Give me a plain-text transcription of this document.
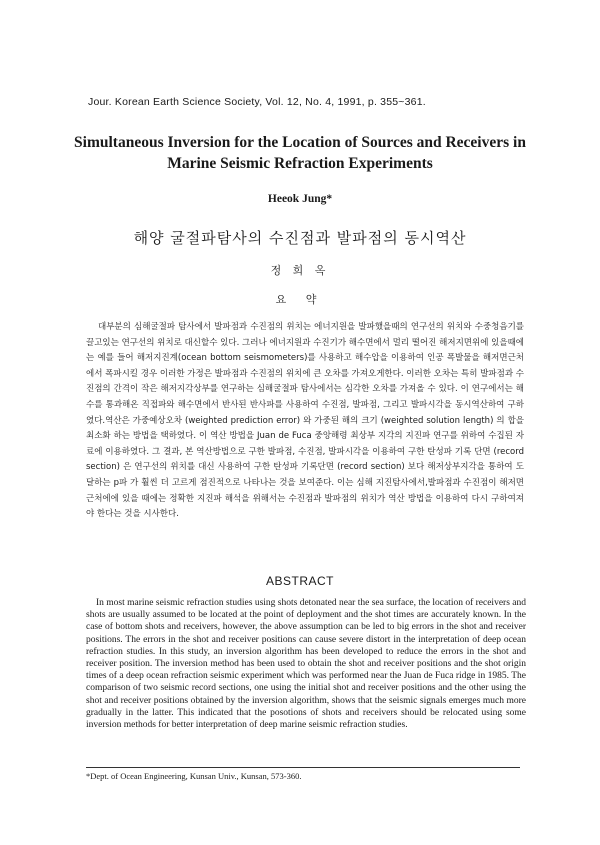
Jour. Korean Earth Science Society, Vol. 12, No. 4, 1991, p. 355~361.
Simultaneous Inversion for the Location of Sources and Receivers in Marine Seismic Refraction Experiments
Heeok Jung*
해양 굴절파탐사의 수진점과 발파점의 동시역산
정 희 옥
요 약

대부분의 심해굴절파 탐사에서 발파점과 수진점의 위치는 에너지원을 발파했을때의 연구선의 위치와 수중청음기를 끌고있는 연구선의 위치로 대신할수 있다. 그러나 에너지원과 수진기가 해수면에서 멀리 떨어진 해저지면위에 있을때에는 예를 들어 해저지진계(ocean bottom seismometers)를 사용하고 해수압을 이용하여 인공 폭발물을 해저면근처에서 폭파시킬 경우 이러한 가정은 발파점과 수진점의 위치에 큰 오차를 가져오게한다. 이러한 오차는 특히 발파점과 수진점의 간격이 작은 해저지각상부를 연구하는 심해굴절파 탐사에서는 심각한 오차를 가져올 수 있다. 이 연구에서는 해수를 통과해온 직접파와 해수면에서 반사된 반사파를 사용하여 수진점, 발파점, 그리고 발파시각을 동시역산하여 구하였다.역산은 가중예상오차 (weighted prediction error) 와 가중된 해의 크기 (weighted solution length) 의 합을 최소화 하는 방법을 택하였다. 이 역산 방법을 Juan de Fuca 중앙해령 최상부 지각의 지진파 연구를 위하여 수집된 자료에 이용하였다. 그 결과, 본 역산방법으로 구한 발파점, 수진점, 발파시각을 이용하여 구한 탄성파 기록 단면 (record section) 은 연구선의 위치를 대신 사용하여 구한 탄성파 기록단면 (record section) 보다 해저상부지각을 통하여 도달하는 p파 가 훨씬 더 고르게 점진적으로 나타나는 것을 보여준다. 이는 심해 지진탐사에서,발파점과 수진점이 해저면근처에에 있을 때에는 정확한 지진파 해석을 위해서는 수진점과 발파점의 위치가 역산 방법을 이용하여 다시 구하여져야 한다는 것을 시사한다.

ABSTRACT

In most marine seismic refraction studies using shots detonated near the sea surface, the location of receivers and shots are usually assumed to be located at the point of deployment and the shot times are accurately known. In the case of bottom shots and receivers, however, the above assumption can be led to big errors in the shot and receiver positions. The errors in the shot and receiver positions can cause severe distort in the interpretation of deep ocean refraction studies. In this study, an inversion algorithm has been developed to reduce the errors in the shot and receiver position. The inversion method has been used to obtain the shot and receiver positions and the shot origin times of a deep ocean refraction seismic experiment which was performed near the Juan de Fuca ridge in 1985. The comparison of two seismic record sections, one using the initial shot and receiver positions and the other using the shot and receiver positions obtained by the inversion algorithm, shows that the seismic signals emerges much more gradually in the latter. This indicated that the posotions of shots and receivers should be relocated using some inversion methods for better interpretation of deep marine seismic refraction studies.

*Dept. of Ocean Engineering, Kunsan Univ., Kunsan, 573-360.
